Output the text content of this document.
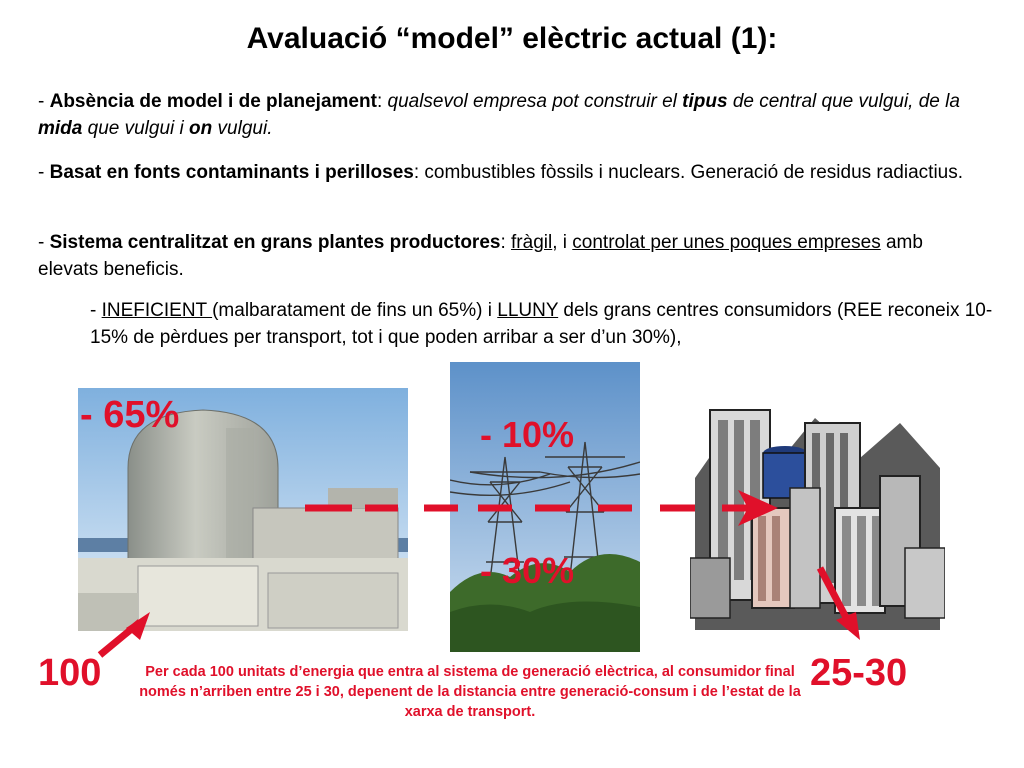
Avaluació “model” elèctric actual (1):
- Absència de model i de planejament: qualsevol empresa pot construir el tipus de central que vulgui, de la mida que vulgui i on vulgui.
- Basat en fonts contaminants i perilloses: combustibles fòssils i nuclears. Generació de residus radiactius.
- Sistema centralitzat en grans plantes productores: fràgil, i controlat per unes poques empreses amb elevats beneficis.
- INEFICIENT (malbaratament de fins un 65%) i LLUNY dels grans centres consumidors (REE reconeix 10-15% de pèrdues per transport, tot i que poden arribar a ser d’un 30%),
- 65%	- 10%
- 30%
100	25-30
Per cada 100 unitats d’energia que entra al sistema de generació elèctrica, al consumidor final només n’arriben entre 25 i 30, depenent de la distancia entre generació-consum i de l’estat de la xarxa de transport.
